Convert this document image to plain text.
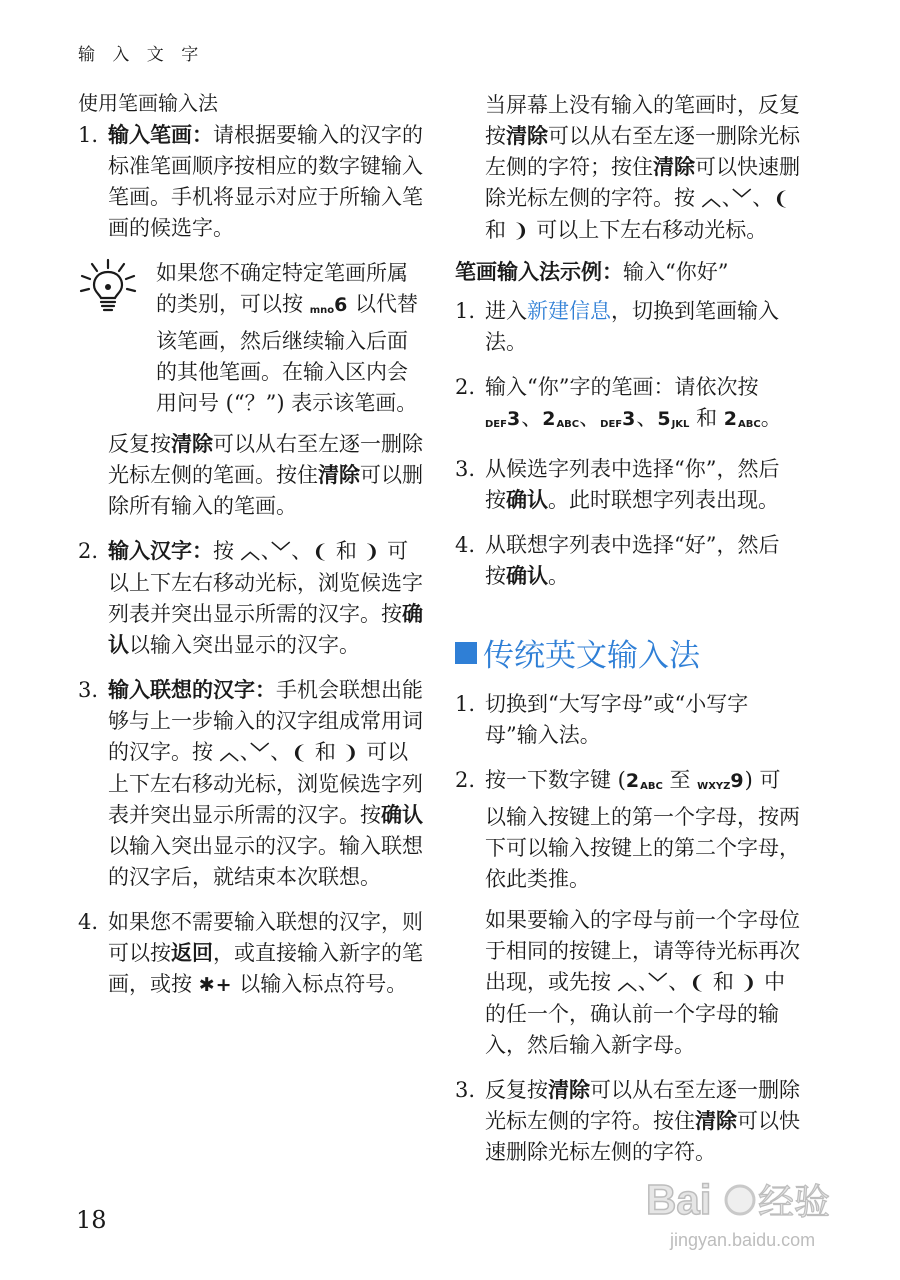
输 入 文 字
使用笔画输入法
1. 输入笔画：请根据要输入的汉字的标准笔画顺序按相应的数字键输入笔画。手机将显示对应于所输入笔画的候选字。
如果您不确定特定笔画所属的类别，可以按 mno6 以代替该笔画，然后继续输入后面的其他笔画。在输入区内会用问号 (“？”) 表示该笔画。

反复按清除可以从右至左逐一删除光标左侧的笔画。按住清除可以删除所有输入的笔画。

2. 输入汉字：按 ︿、﹀、❨ 和 ❩ 可以上下左右移动光标，浏览候选字列表并突出显示所需的汉字。按确认以输入突出显示的汉字。
3. 输入联想的汉字：手机会联想出能够与上一步输入的汉字组成常用词的汉字。按 ︿、﹀、❨ 和 ❩ 可以上下左右移动光标，浏览候选字列表并突出显示所需的汉字。按确认以输入突出显示的汉字。输入联想的汉字后，就结束本次联想。
4. 如果您不需要输入联想的汉字，则可以按返回，或直接输入新字的笔画，或按 ✱+ 以输入标点符号。

当屏幕上没有输入的笔画时，反复按清除可以从右至左逐一删除光标左侧的字符；按住清除可以快速删除光标左侧的字符。按 ︿、﹀、❨ 和 ❩ 可以上下左右移动光标。

笔画输入法示例：输入“你好”

1. 进入新建信息，切换到笔画输入法。
2. 输入“你”字的笔画：请依次按 DEF3、2ABC、DEF3、5JKL 和 2ABC。
3. 从候选字列表中选择“你”，然后按确认。此时联想字列表出现。
4. 从联想字列表中选择“好”，然后按确认。
传统英文输入法
1. 切换到“大写字母”或“小写字母”输入法。
2. 按一下数字键 (2ABC 至 WXYZ9) 可以输入按键上的第一个字母，按两下可以输入按键上的第二个字母，依此类推。
如果要输入的字母与前一个字母位于相同的按键上，请等待光标再次出现，或先按 ︿、﹀、❨ 和 ❩ 中的任一个，确认前一个字母的输入，然后输入新字母。
3. 反复按清除可以从右至左逐一删除光标左侧的字符。按住清除可以快速删除光标左侧的字符。
18	Bai 经验
jingyan.baidu.com
